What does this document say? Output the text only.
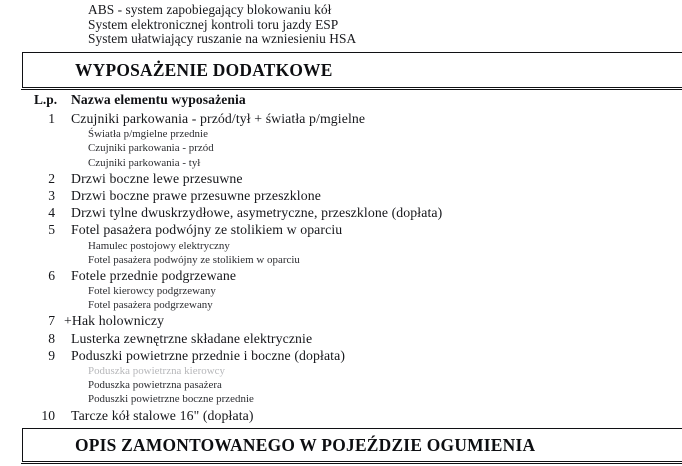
ABS - system zapobiegający blokowaniu kół
System elektronicznej kontroli toru jazdy ESP
System ułatwiający ruszanie na wzniesieniu HSA
WYPOSAŻENIE DODATKOWE
L.p. Nazwa elementu wyposażenia
1 Czujniki parkowania - przód/tył + światła p/mgielne
Światła p/mgielne przednie
Czujniki parkowania - przód
Czujniki parkowania - tył
2 Drzwi boczne lewe przesuwne
3 Drzwi boczne prawe przesuwne przeszklone
4 Drzwi tylne dwuskrzydłowe, asymetryczne, przeszklone (dopłata)
5 Fotel pasażera podwójny ze stolikiem w oparciu
Hamulec postojowy elektryczny
Fotel pasażera podwójny ze stolikiem w oparciu
6 Fotele przednie podgrzewane
Fotel kierowcy podgrzewany
Fotel pasażera podgrzewany
7 +Hak holowniczy
8 Lusterka zewnętrzne składane elektrycznie
9 Poduszki powietrzne przednie i boczne (dopłata)
Poduszka powietrzna kierowcy
Poduszka powietrzna pasażera
Poduszki powietrzne boczne przednie
10 Tarcze kół stalowe 16" (dopłata)
OPIS ZAMONTOWANEGO W POJEŹDZIE OGUMIENIA
